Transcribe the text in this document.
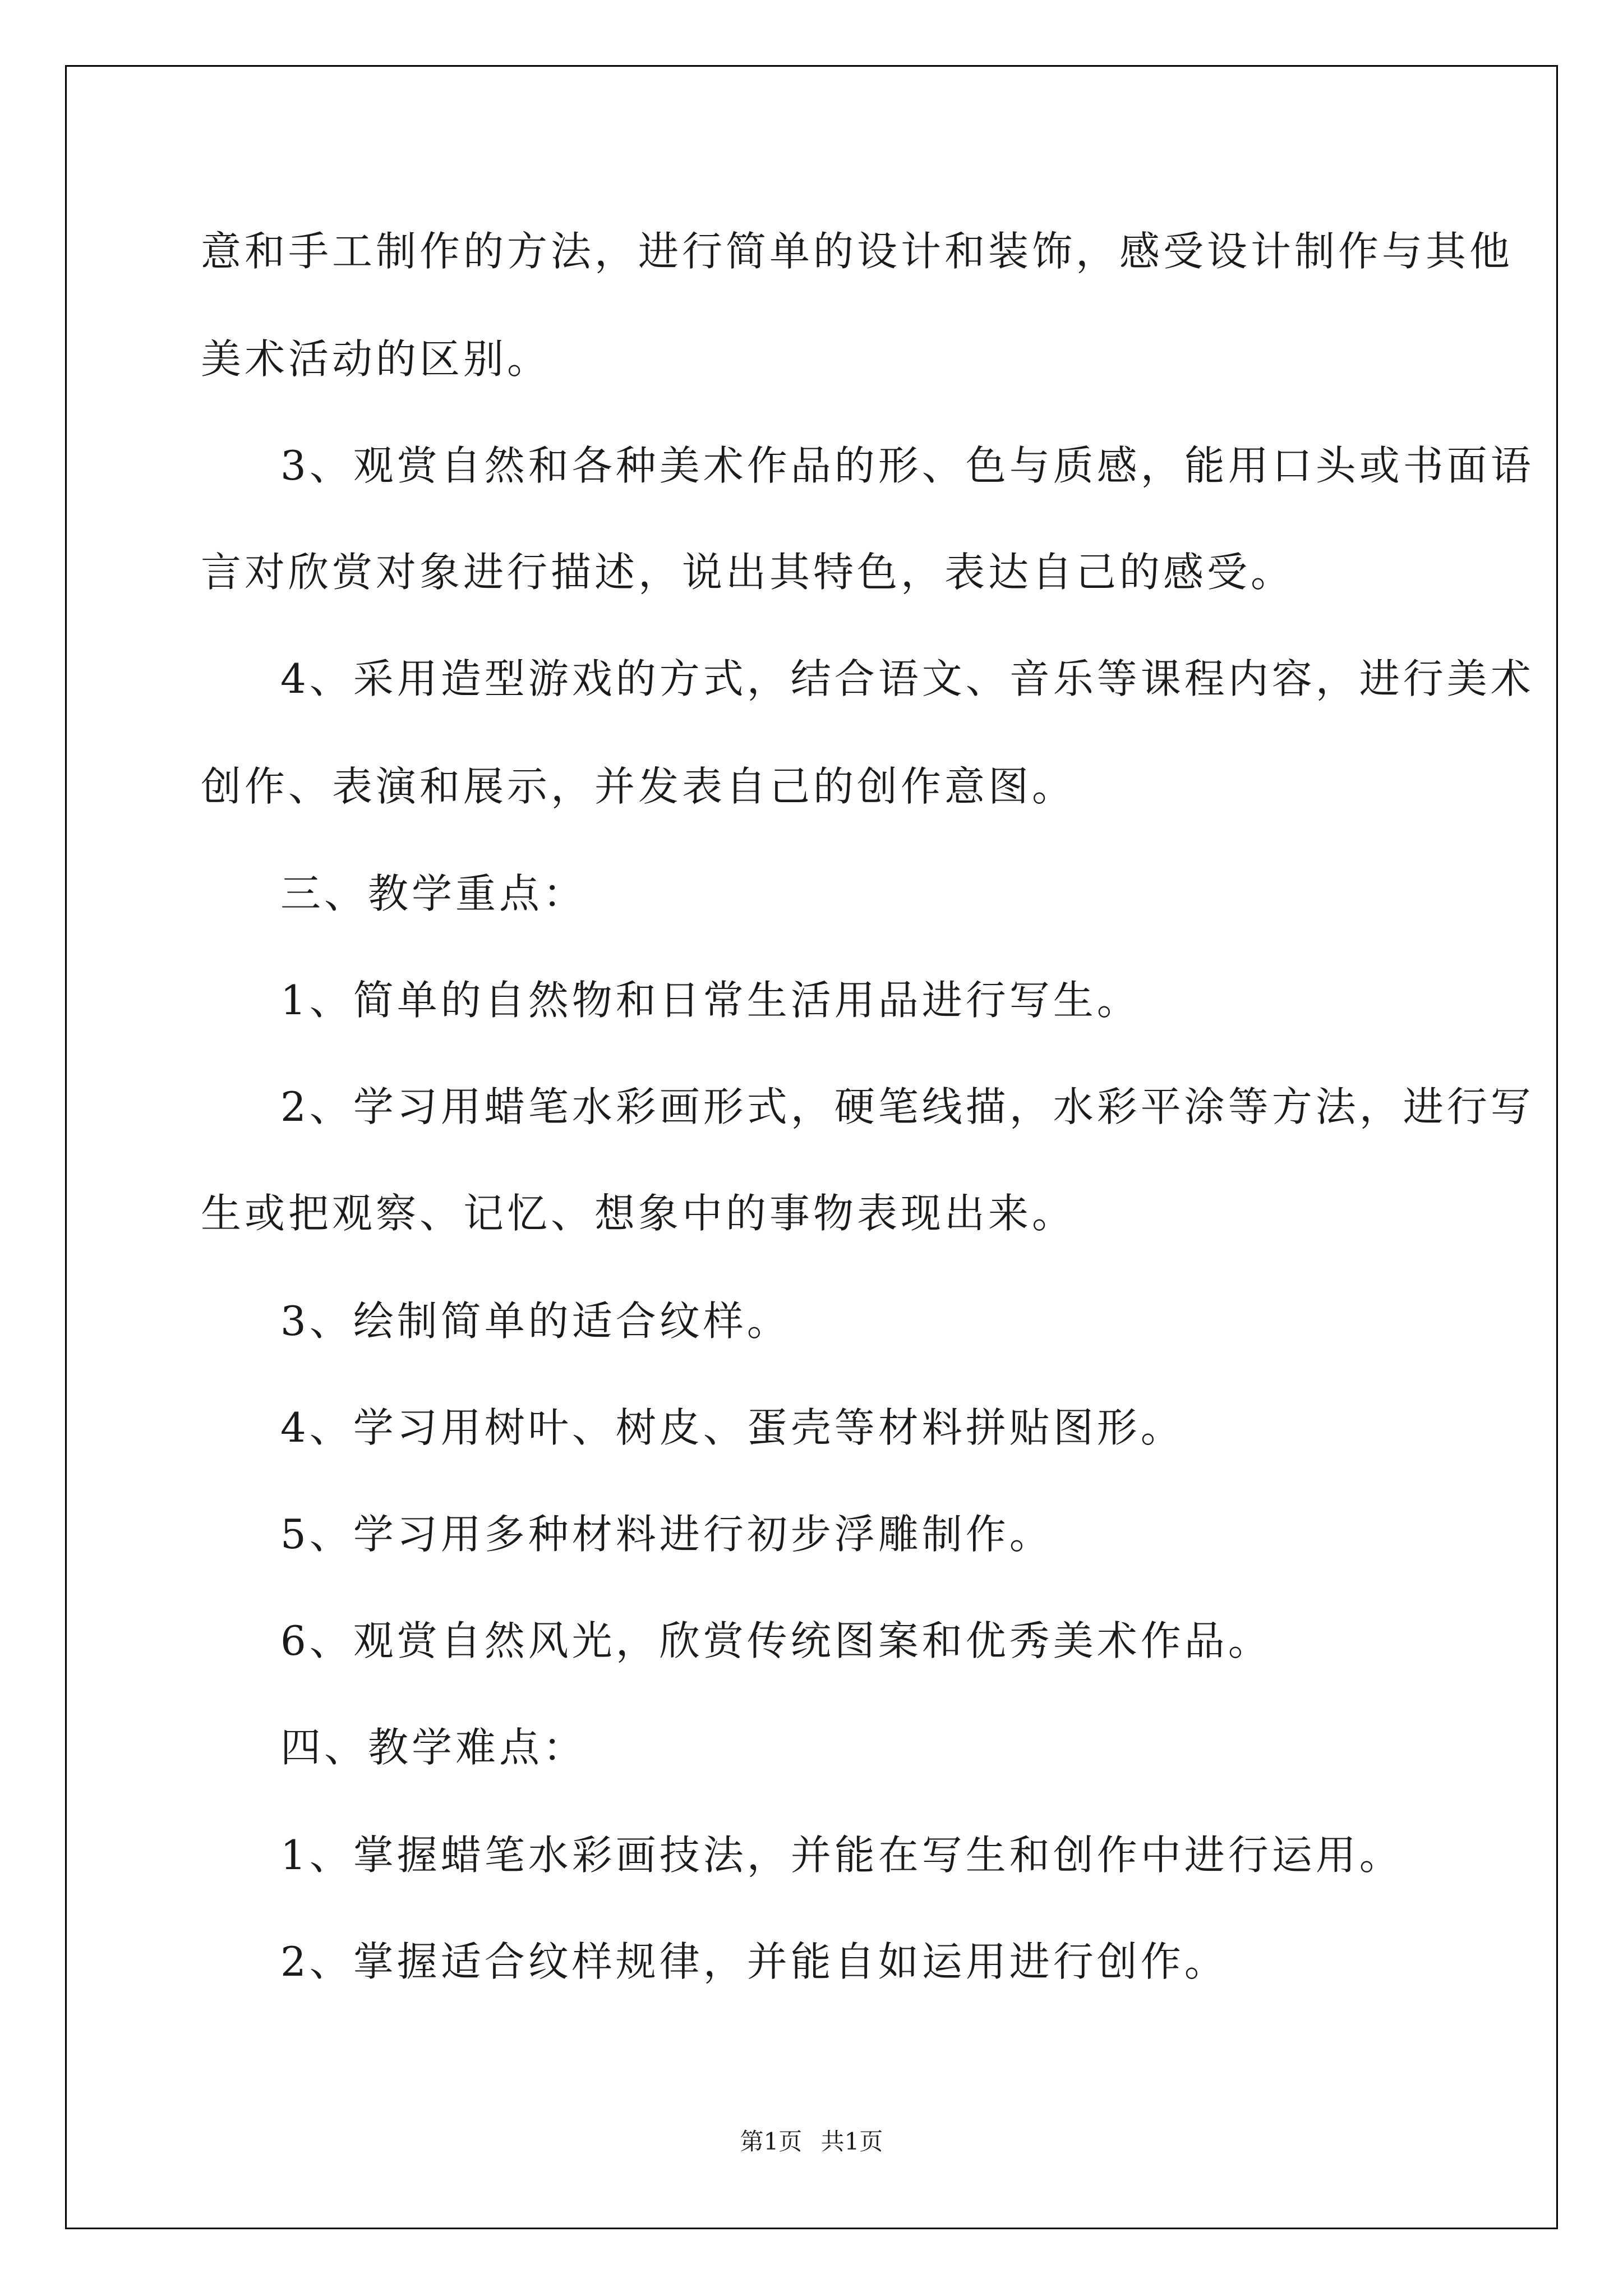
意和手工制作的方法，进行简单的设计和装饰，感受设计制作与其他
美术活动的区别。
3、观赏自然和各种美术作品的形、色与质感，能用口头或书面语
言对欣赏对象进行描述，说出其特色，表达自己的感受。
4、采用造型游戏的方式，结合语文、音乐等课程内容，进行美术
创作、表演和展示，并发表自己的创作意图。
三、教学重点：
1、简单的自然物和日常生活用品进行写生。
2、学习用蜡笔水彩画形式，硬笔线描，水彩平涂等方法，进行写
生或把观察、记忆、想象中的事物表现出来。
3、绘制简单的适合纹样。
4、学习用树叶、树皮、蛋壳等材料拼贴图形。
5、学习用多种材料进行初步浮雕制作。
6、观赏自然风光，欣赏传统图案和优秀美术作品。
四、教学难点：
1、掌握蜡笔水彩画技法，并能在写生和创作中进行运用。
2、掌握适合纹样规律，并能自如运用进行创作。
第1页 共1页
